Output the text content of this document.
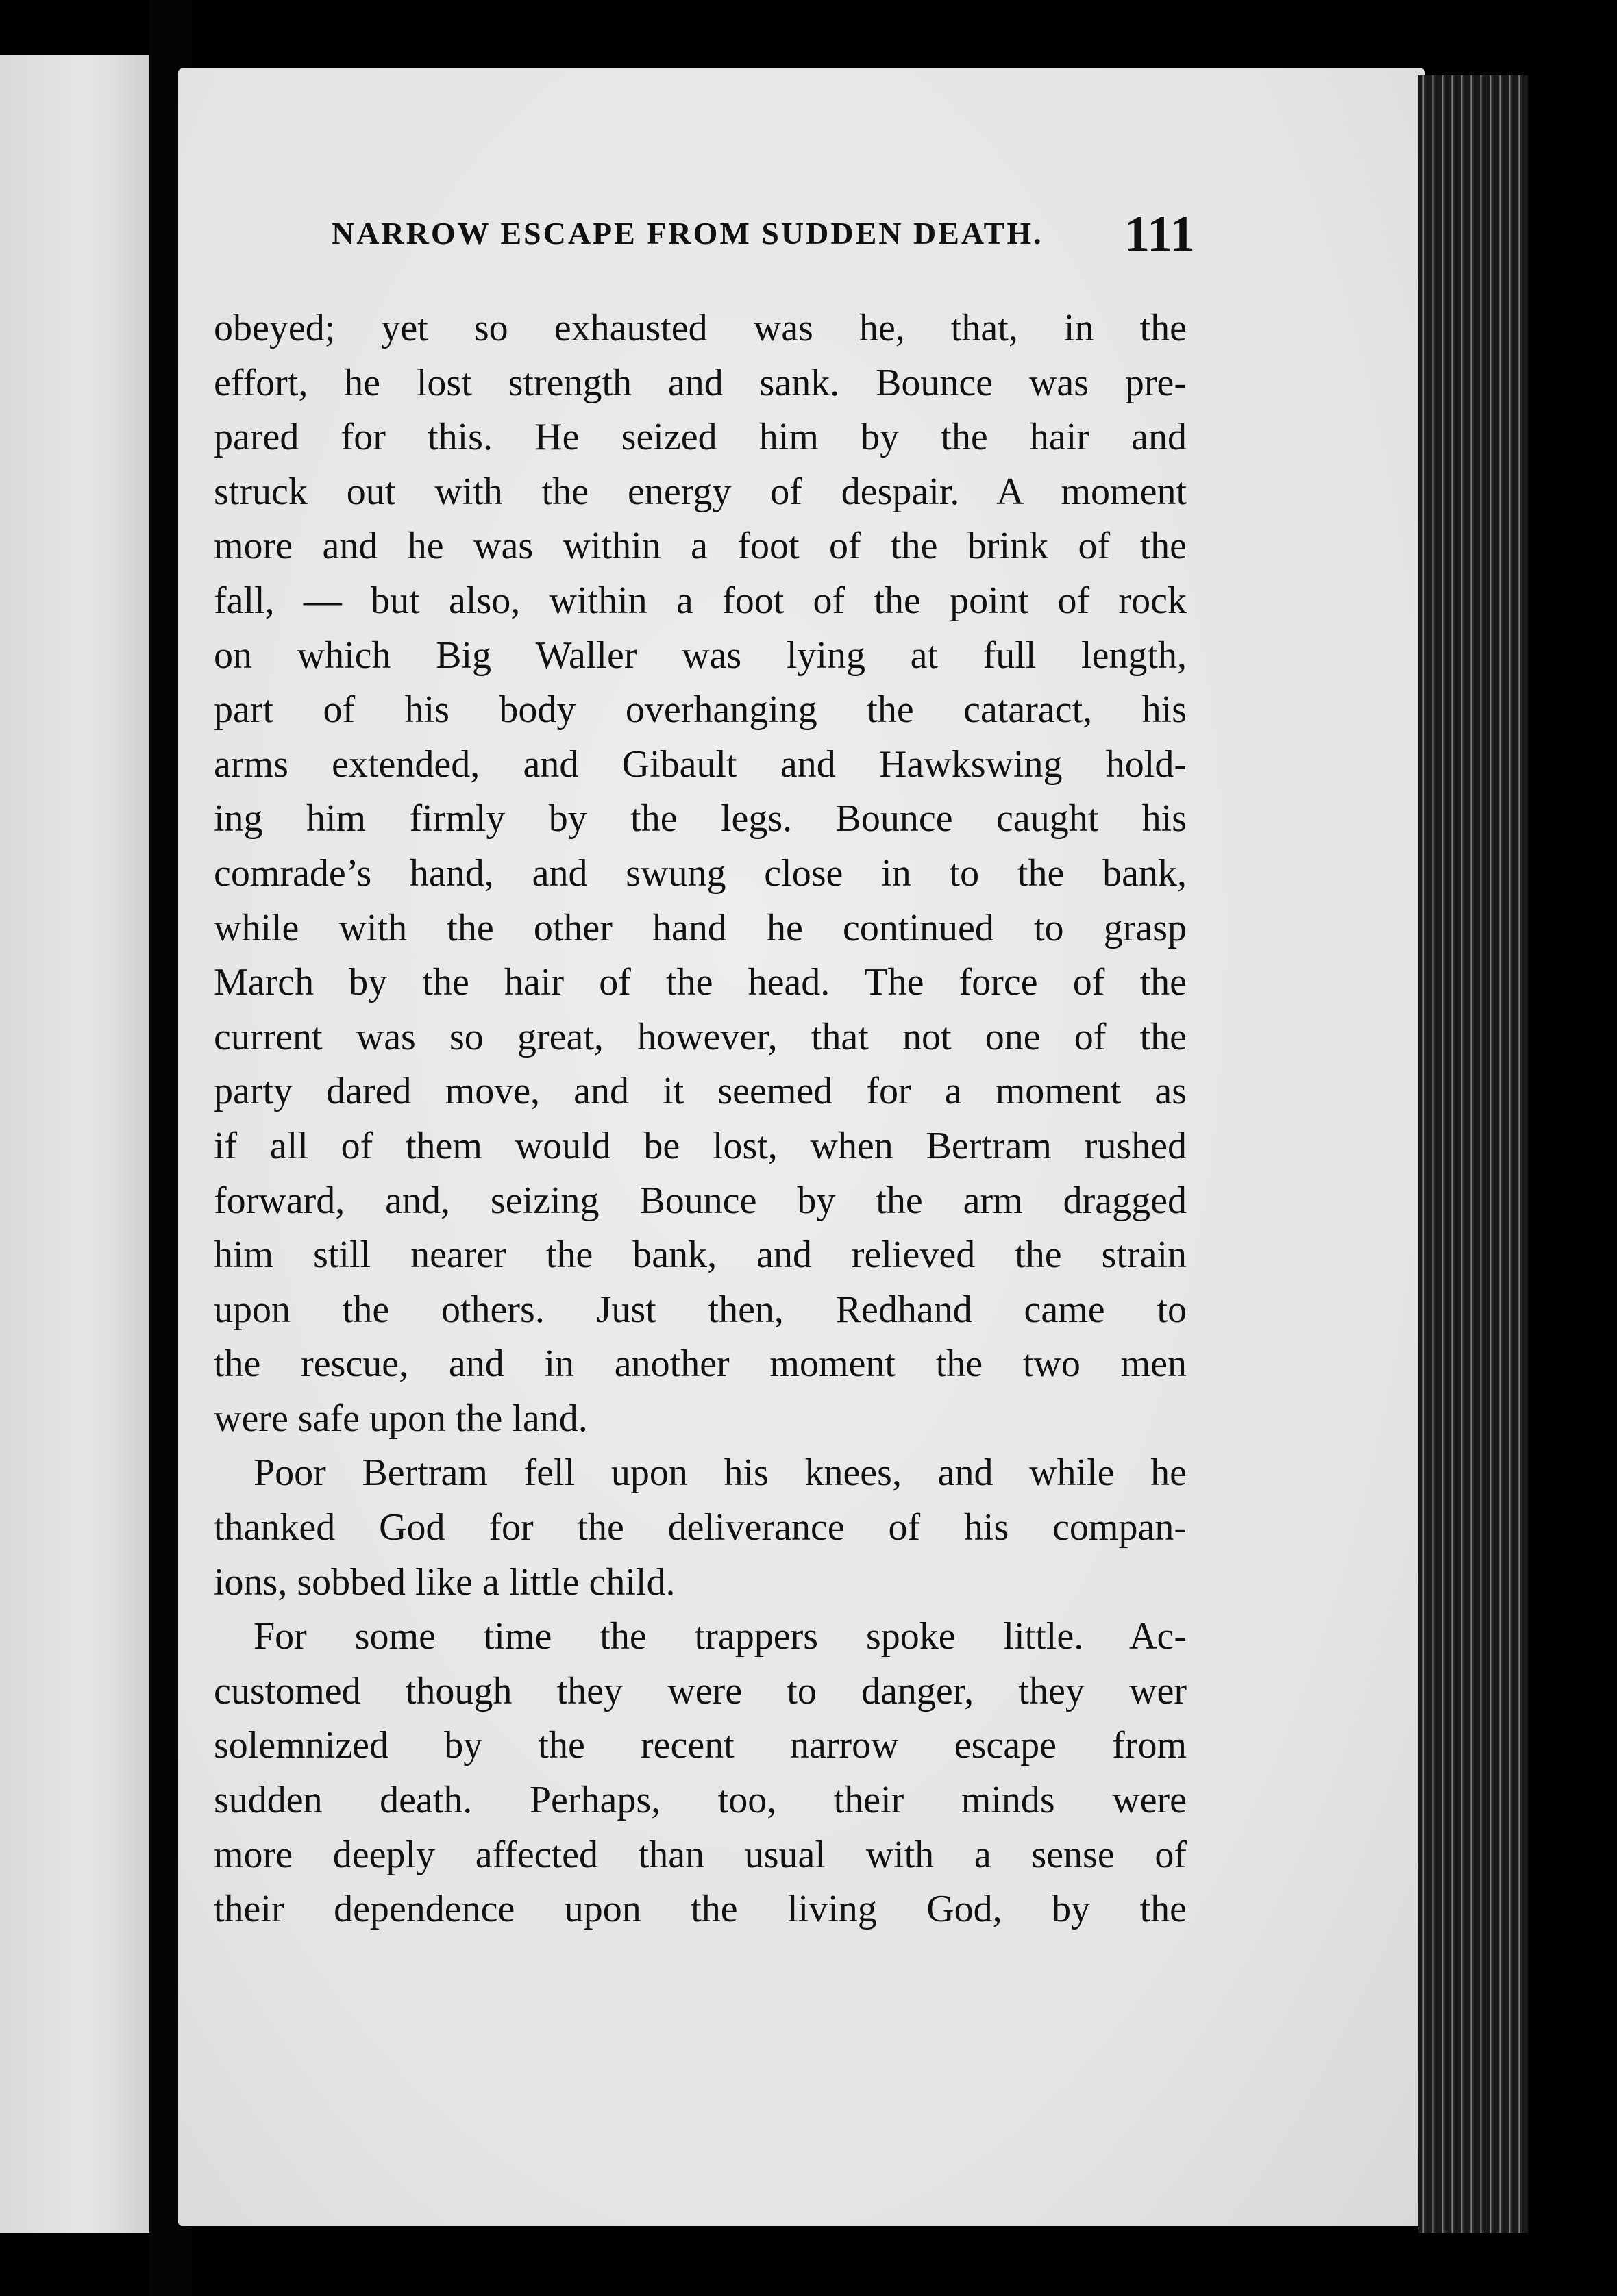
NARROW ESCAPE FROM SUDDEN DEATH. 111
obeyed; yet so exhausted was he, that, in the
effort, he lost strength and sank. Bounce was pre-
pared for this. He seized him by the hair and
struck out with the energy of despair. A moment
more and he was within a foot of the brink of the
fall, — but also, within a foot of the point of rock
on which Big Waller was lying at full length,
part of his body overhanging the cataract, his
arms extended, and Gibault and Hawkswing hold-
ing him firmly by the legs. Bounce caught his
comrade’s hand, and swung close in to the bank,
while with the other hand he continued to grasp
March by the hair of the head. The force of the
current was so great, however, that not one of the
party dared move, and it seemed for a moment as
if all of them would be lost, when Bertram rushed
forward, and, seizing Bounce by the arm dragged
him still nearer the bank, and relieved the strain
upon the others. Just then, Redhand came to
the rescue, and in another moment the two men
were safe upon the land.
Poor Bertram fell upon his knees, and while he
thanked God for the deliverance of his compan-
ions, sobbed like a little child.
For some time the trappers spoke little. Ac-
customed though they were to danger, they wer
solemnized by the recent narrow escape from
sudden death. Perhaps, too, their minds were
more deeply affected than usual with a sense of
their dependence upon the living God, by the
